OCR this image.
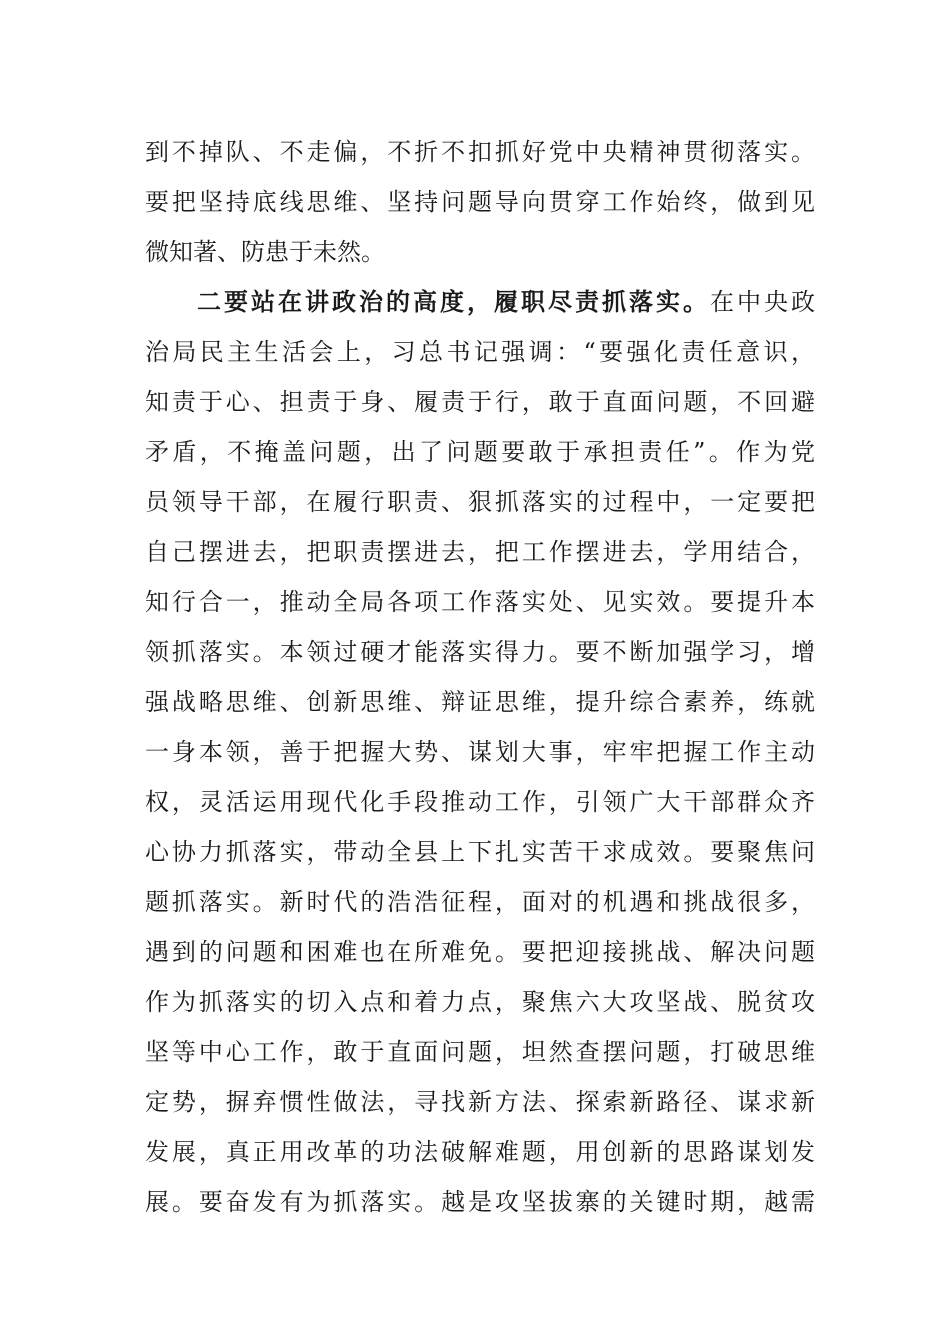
到不掉队、不走偏，不折不扣抓好党中央精神贯彻落实。
要把坚持底线思维、坚持问题导向贯穿工作始终，做到见
微知著、防患于未然。
二要站在讲政治的高度，履职尽责抓落实。在中央政
治局民主生活会上，习总书记强调：“要强化责任意识，
知责于心、担责于身、履责于行，敢于直面问题，不回避
矛盾，不掩盖问题，出了问题要敢于承担责任”。作为党
员领导干部，在履行职责、狠抓落实的过程中，一定要把
自己摆进去，把职责摆进去，把工作摆进去，学用结合，
知行合一，推动全局各项工作落实处、见实效。要提升本
领抓落实。本领过硬才能落实得力。要不断加强学习，增
强战略思维、创新思维、辩证思维，提升综合素养，练就
一身本领，善于把握大势、谋划大事，牢牢把握工作主动
权，灵活运用现代化手段推动工作，引领广大干部群众齐
心协力抓落实，带动全县上下扎实苦干求成效。要聚焦问
题抓落实。新时代的浩浩征程，面对的机遇和挑战很多，
遇到的问题和困难也在所难免。要把迎接挑战、解决问题
作为抓落实的切入点和着力点，聚焦六大攻坚战、脱贫攻
坚等中心工作，敢于直面问题，坦然查摆问题，打破思维
定势，摒弃惯性做法，寻找新方法、探索新路径、谋求新
发展，真正用改革的功法破解难题，用创新的思路谋划发
展。要奋发有为抓落实。越是攻坚拔寨的关键时期，越需
